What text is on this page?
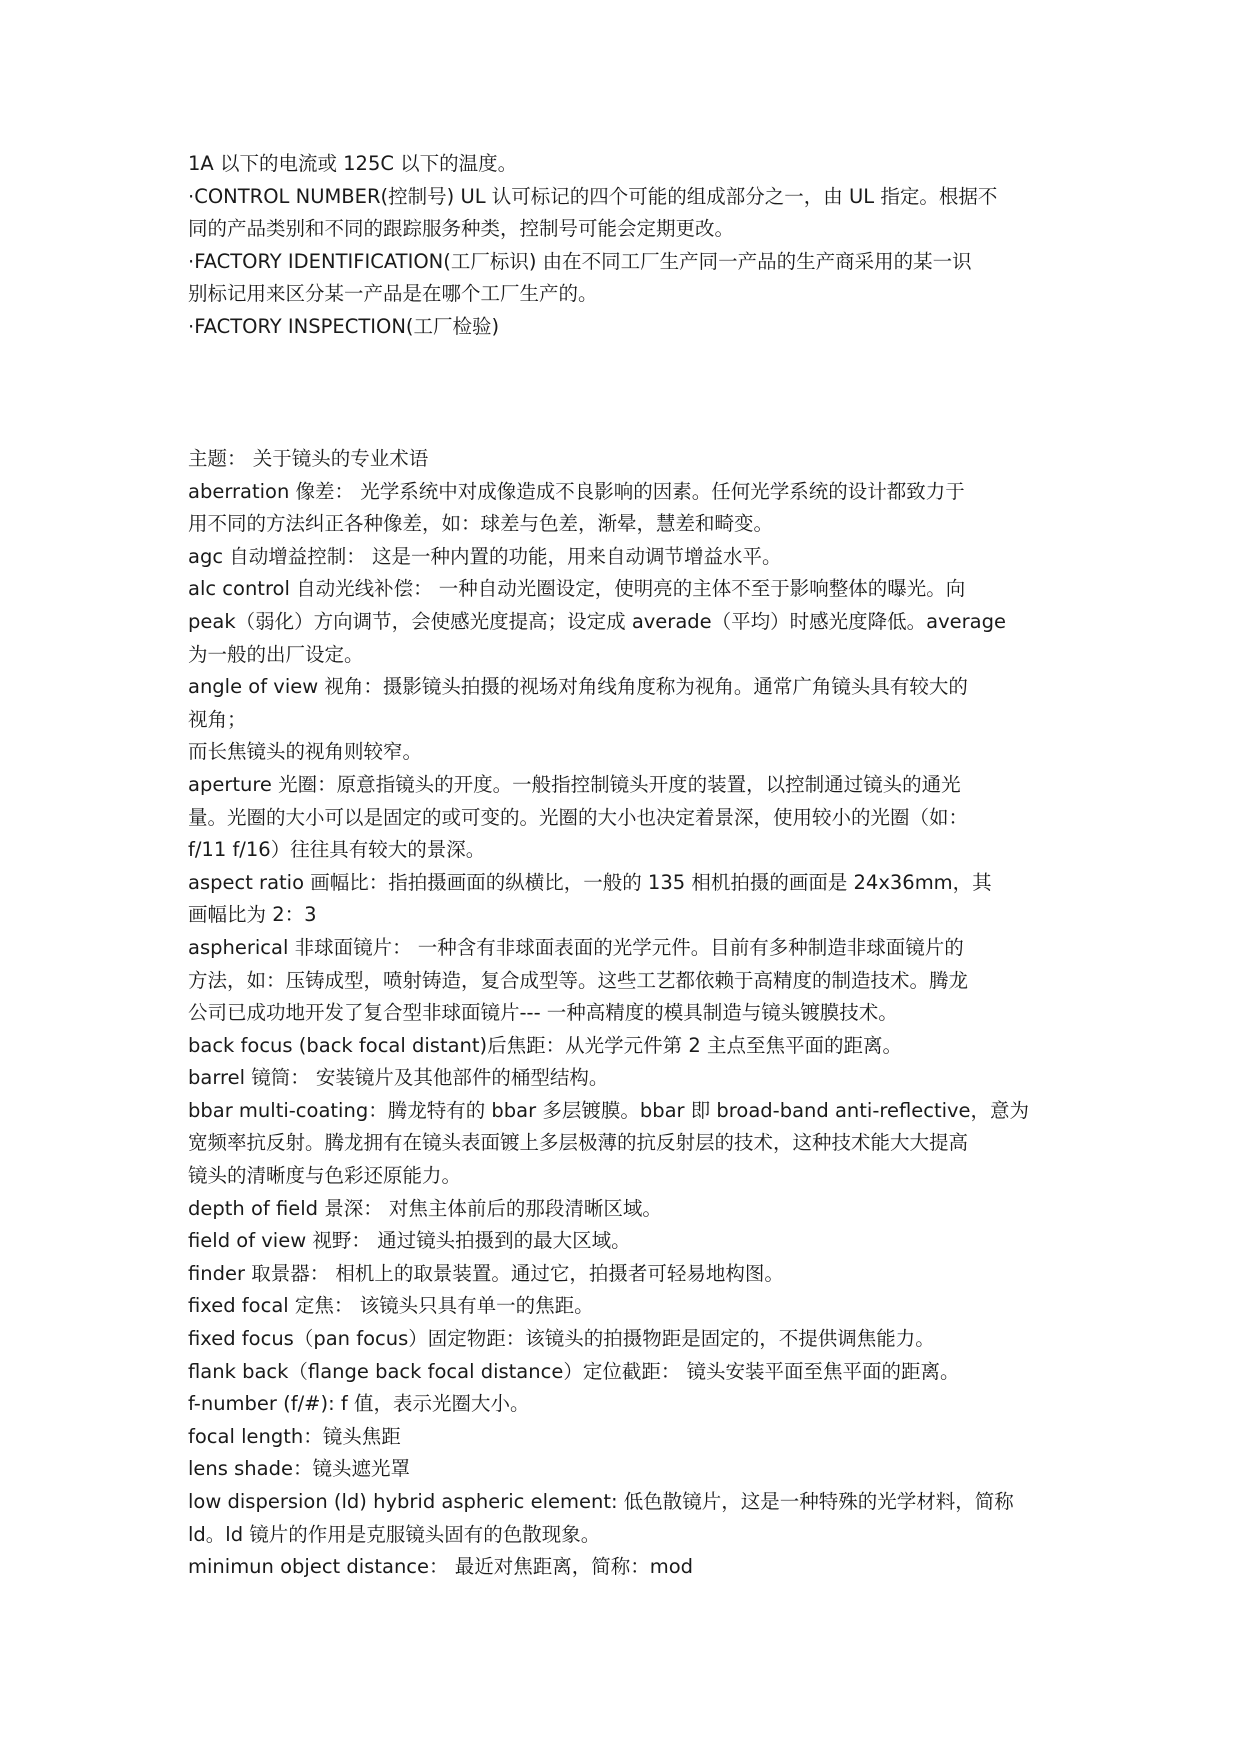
1A 以下的电流或 125C 以下的温度。
·CONTROL NUMBER(控制号) UL 认可标记的四个可能的组成部分之一，由 UL 指定。根据不
同的产品类别和不同的跟踪服务种类，控制号可能会定期更改。
·FACTORY IDENTIFICATION(工厂标识) 由在不同工厂生产同一产品的生产商采用的某一识
别标记用来区分某一产品是在哪个工厂生产的。
·FACTORY INSPECTION(工厂检验)
主题： 关于镜头的专业术语
aberration 像差： 光学系统中对成像造成不良影响的因素。任何光学系统的设计都致力于
用不同的方法纠正各种像差，如：球差与色差，渐晕，慧差和畸变。
agc 自动增益控制： 这是一种内置的功能，用来自动调节增益水平。
alc control 自动光线补偿： 一种自动光圈设定，使明亮的主体不至于影响整体的曝光。向
peak（弱化）方向调节，会使感光度提高；设定成 averade（平均）时感光度降低。average
为一般的出厂设定。
angle of view 视角：摄影镜头拍摄的视场对角线角度称为视角。通常广角镜头具有较大的
视角；
而长焦镜头的视角则较窄。
aperture 光圈：原意指镜头的开度。一般指控制镜头开度的装置，以控制通过镜头的通光
量。光圈的大小可以是固定的或可变的。光圈的大小也决定着景深，使用较小的光圈（如：
f/11 f/16）往往具有较大的景深。
aspect ratio 画幅比：指拍摄画面的纵横比，一般的 135 相机拍摄的画面是 24x36mm，其
画幅比为 2：3
aspherical 非球面镜片： 一种含有非球面表面的光学元件。目前有多种制造非球面镜片的
方法，如：压铸成型，喷射铸造，复合成型等。这些工艺都依赖于高精度的制造技术。腾龙
公司已成功地开发了复合型非球面镜片--- 一种高精度的模具制造与镜头镀膜技术。
back focus (back focal distant)后焦距：从光学元件第 2 主点至焦平面的距离。
barrel 镜筒： 安装镜片及其他部件的桶型结构。
bbar multi-coating：腾龙特有的 bbar 多层镀膜。bbar 即 broad-band anti-reflective，意为
宽频率抗反射。腾龙拥有在镜头表面镀上多层极薄的抗反射层的技术，这种技术能大大提高
镜头的清晰度与色彩还原能力。
depth of field 景深： 对焦主体前后的那段清晰区域。
field of view 视野： 通过镜头拍摄到的最大区域。
finder 取景器： 相机上的取景装置。通过它，拍摄者可轻易地构图。
fixed focal 定焦： 该镜头只具有单一的焦距。
fixed focus（pan focus）固定物距：该镜头的拍摄物距是固定的，不提供调焦能力。
flank back（flange back focal distance）定位截距： 镜头安装平面至焦平面的距离。
f-number (f/#): f 值，表示光圈大小。
focal length：镜头焦距
lens shade：镜头遮光罩
low dispersion (ld) hybrid aspheric element: 低色散镜片，这是一种特殊的光学材料，简称
ld。ld 镜片的作用是克服镜头固有的色散现象。
minimun object distance： 最近对焦距离，简称：mod
